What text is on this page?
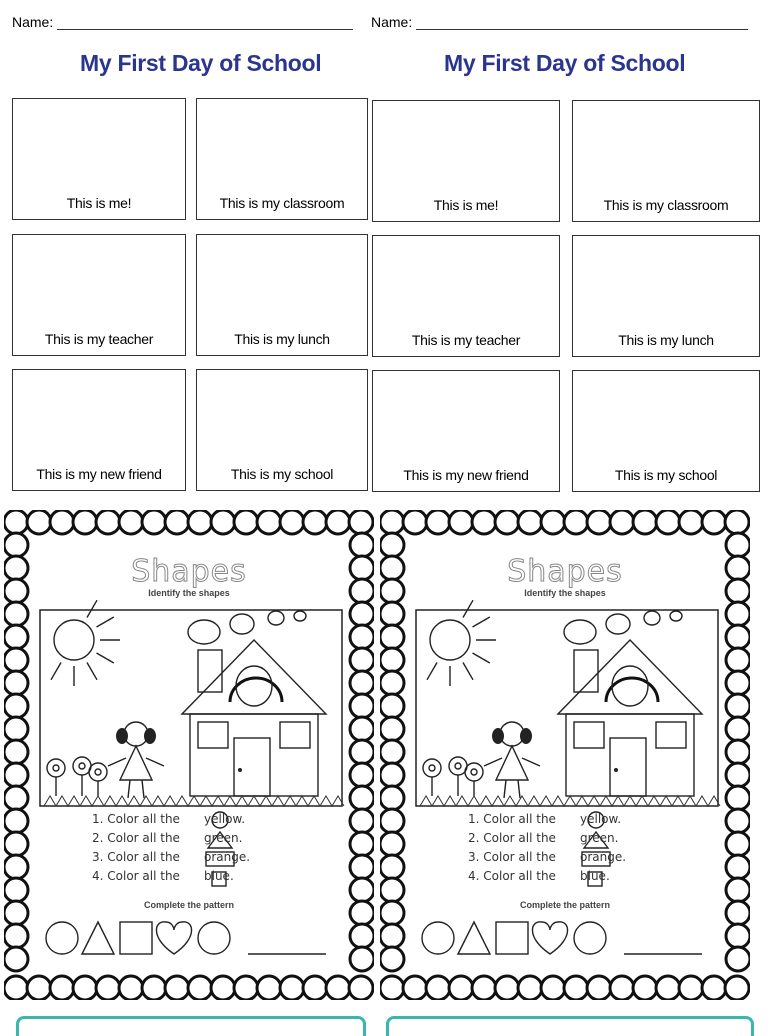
Name:
My First Day of School
This is me!	This is my classroom
This is my teacher	This is my lunch
This is my new friend	This is my school
Name:
My First Day of School
This is me!	This is my classroom
This is my teacher	This is my lunch
This is my new friend	This is my school
Shapes
Identify the shapes
1. Color all the yellow.
2. Color all the green.
3. Color all the orange.
4. Color all the blue.
Complete the pattern
Shapes
Identify the shapes
1. Color all the yellow.
2. Color all the green.
3. Color all the orange.
4. Color all the blue.
Complete the pattern
